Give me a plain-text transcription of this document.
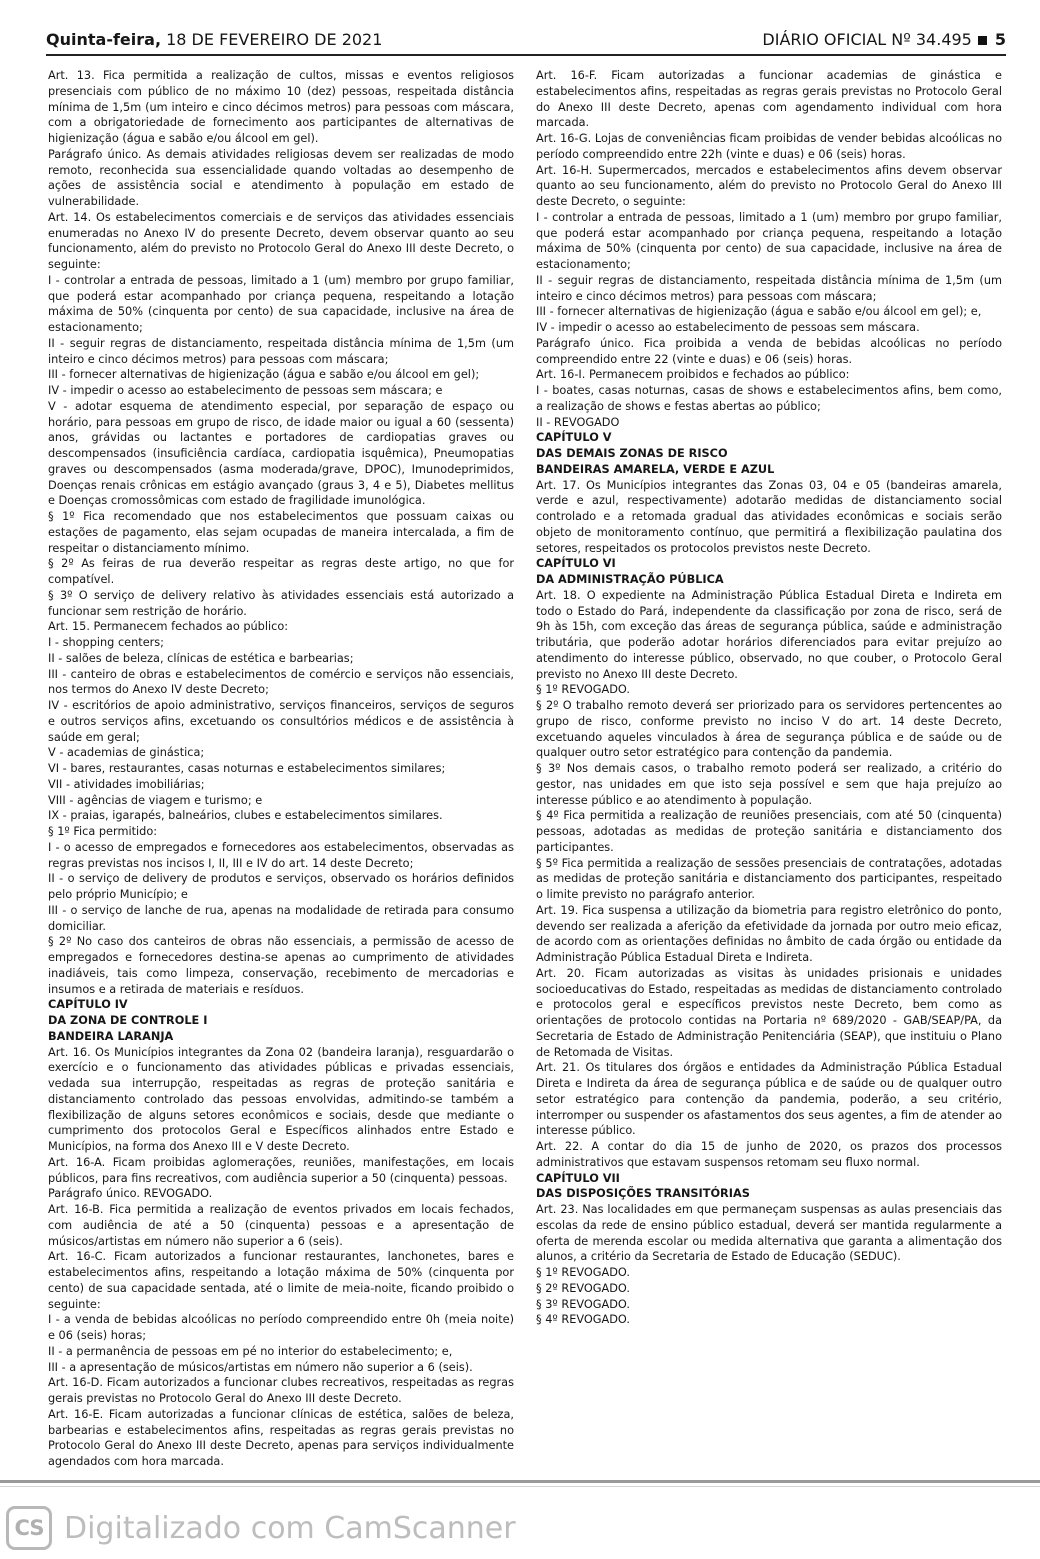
Quinta-feira, 18 DE FEVEREIRO DE 2021	DIÁRIO OFICIAL Nº 34.495 5

Art. 13. Fica permitida a realização de cultos, missas e eventos religiosos presenciais com público de no máximo 10 (dez) pessoas, respeitada distância mínima de 1,5m (um inteiro e cinco décimos metros) para pessoas com máscara, com a obrigatoriedade de fornecimento aos participantes de alternativas de higienização (água e sabão e/ou álcool em gel).

Parágrafo único. As demais atividades religiosas devem ser realizadas de modo remoto, reconhecida sua essencialidade quando voltadas ao desempenho de ações de assistência social e atendimento à população em estado de vulnerabilidade.

Art. 14. Os estabelecimentos comerciais e de serviços das atividades essenciais enumeradas no Anexo IV do presente Decreto, devem observar quanto ao seu funcionamento, além do previsto no Protocolo Geral do Anexo III deste Decreto, o seguinte:

I - controlar a entrada de pessoas, limitado a 1 (um) membro por grupo familiar, que poderá estar acompanhado por criança pequena, respeitando a lotação máxima de 50% (cinquenta por cento) de sua capacidade, inclusive na área de estacionamento;

II - seguir regras de distanciamento, respeitada distância mínima de 1,5m (um inteiro e cinco décimos metros) para pessoas com máscara;

III - fornecer alternativas de higienização (água e sabão e/ou álcool em gel);

IV - impedir o acesso ao estabelecimento de pessoas sem máscara; e

V - adotar esquema de atendimento especial, por separação de espaço ou horário, para pessoas em grupo de risco, de idade maior ou igual a 60 (sessenta) anos, grávidas ou lactantes e portadores de cardiopatias graves ou descompensados (insuficiência cardíaca, cardiopatia isquêmica), Pneumopatias graves ou descompensados (asma moderada/grave, DPOC), Imunodeprimidos, Doenças renais crônicas em estágio avançado (graus 3, 4 e 5), Diabetes mellitus e Doenças cromossômicas com estado de fragilidade imunológica.

§ 1º Fica recomendado que nos estabelecimentos que possuam caixas ou estações de pagamento, elas sejam ocupadas de maneira intercalada, a fim de respeitar o distanciamento mínimo.

§ 2º As feiras de rua deverão respeitar as regras deste artigo, no que for compatível.

§ 3º O serviço de delivery relativo às atividades essenciais está autorizado a funcionar sem restrição de horário.

Art. 15. Permanecem fechados ao público:

I - shopping centers;

II - salões de beleza, clínicas de estética e barbearias;

III - canteiro de obras e estabelecimentos de comércio e serviços não essenciais, nos termos do Anexo IV deste Decreto;

IV - escritórios de apoio administrativo, serviços financeiros, serviços de seguros e outros serviços afins, excetuando os consultórios médicos e de assistência à saúde em geral;

V - academias de ginástica;

VI - bares, restaurantes, casas noturnas e estabelecimentos similares;

VII - atividades imobiliárias;

VIII - agências de viagem e turismo; e

IX - praias, igarapés, balneários, clubes e estabelecimentos similares.

§ 1º Fica permitido:

I - o acesso de empregados e fornecedores aos estabelecimentos, observadas as regras previstas nos incisos I, II, III e IV do art. 14 deste Decreto;

II - o serviço de delivery de produtos e serviços, observado os horários definidos pelo próprio Município; e

III - o serviço de lanche de rua, apenas na modalidade de retirada para consumo domiciliar.

§ 2º No caso dos canteiros de obras não essenciais, a permissão de acesso de empregados e fornecedores destina-se apenas ao cumprimento de atividades inadiáveis, tais como limpeza, conservação, recebimento de mercadorias e insumos e a retirada de materiais e resíduos.

CAPÍTULO IV

DA ZONA DE CONTROLE I

BANDEIRA LARANJA

Art. 16. Os Municípios integrantes da Zona 02 (bandeira laranja), resguardarão o exercício e o funcionamento das atividades públicas e privadas essenciais, vedada sua interrupção, respeitadas as regras de proteção sanitária e distanciamento controlado das pessoas envolvidas, admitindo-se também a flexibilização de alguns setores econômicos e sociais, desde que mediante o cumprimento dos protocolos Geral e Específicos alinhados entre Estado e Municípios, na forma dos Anexo III e V deste Decreto.

Art. 16-A. Ficam proibidas aglomerações, reuniões, manifestações, em locais públicos, para fins recreativos, com audiência superior a 50 (cinquenta) pessoas.

Parágrafo único. REVOGADO.

Art. 16-B. Fica permitida a realização de eventos privados em locais fechados, com audiência de até a 50 (cinquenta) pessoas e a apresentação de músicos/artistas em número não superior a 6 (seis).

Art. 16-C. Ficam autorizados a funcionar restaurantes, lanchonetes, bares e estabelecimentos afins, respeitando a lotação máxima de 50% (cinquenta por cento) de sua capacidade sentada, até o limite de meia-noite, ficando proibido o seguinte:

I - a venda de bebidas alcoólicas no período compreendido entre 0h (meia noite) e 06 (seis) horas;

II - a permanência de pessoas em pé no interior do estabelecimento; e,

III - a apresentação de músicos/artistas em número não superior a 6 (seis).

Art. 16-D. Ficam autorizados a funcionar clubes recreativos, respeitadas as regras gerais previstas no Protocolo Geral do Anexo III deste Decreto.

Art. 16-E. Ficam autorizadas a funcionar clínicas de estética, salões de beleza, barbearias e estabelecimentos afins, respeitadas as regras gerais previstas no Protocolo Geral do Anexo III deste Decreto, apenas para serviços individualmente agendados com hora marcada.

Art. 16-F. Ficam autorizadas a funcionar academias de ginástica e estabelecimentos afins, respeitadas as regras gerais previstas no Protocolo Geral do Anexo III deste Decreto, apenas com agendamento individual com hora marcada.

Art. 16-G. Lojas de conveniências ficam proibidas de vender bebidas alcoólicas no período compreendido entre 22h (vinte e duas) e 06 (seis) horas.

Art. 16-H. Supermercados, mercados e estabelecimentos afins devem observar quanto ao seu funcionamento, além do previsto no Protocolo Geral do Anexo III deste Decreto, o seguinte:

I - controlar a entrada de pessoas, limitado a 1 (um) membro por grupo familiar, que poderá estar acompanhado por criança pequena, respeitando a lotação máxima de 50% (cinquenta por cento) de sua capacidade, inclusive na área de estacionamento;

II - seguir regras de distanciamento, respeitada distância mínima de 1,5m (um inteiro e cinco décimos metros) para pessoas com máscara;

III - fornecer alternativas de higienização (água e sabão e/ou álcool em gel); e,

IV - impedir o acesso ao estabelecimento de pessoas sem máscara.

Parágrafo único. Fica proibida a venda de bebidas alcoólicas no período compreendido entre 22 (vinte e duas) e 06 (seis) horas.

Art. 16-I. Permanecem proibidos e fechados ao público:

I - boates, casas noturnas, casas de shows e estabelecimentos afins, bem como, a realização de shows e festas abertas ao público;

II - REVOGADO

CAPÍTULO V

DAS DEMAIS ZONAS DE RISCO

BANDEIRAS AMARELA, VERDE E AZUL

Art. 17. Os Municípios integrantes das Zonas 03, 04 e 05 (bandeiras amarela, verde e azul, respectivamente) adotarão medidas de distanciamento social controlado e a retomada gradual das atividades econômicas e sociais serão objeto de monitoramento contínuo, que permitirá a flexibilização paulatina dos setores, respeitados os protocolos previstos neste Decreto.

CAPÍTULO VI

DA ADMINISTRAÇÃO PÚBLICA

Art. 18. O expediente na Administração Pública Estadual Direta e Indireta em todo o Estado do Pará, independente da classificação por zona de risco, será de 9h às 15h, com exceção das áreas de segurança pública, saúde e administração tributária, que poderão adotar horários diferenciados para evitar prejuízo ao atendimento do interesse público, observado, no que couber, o Protocolo Geral previsto no Anexo III deste Decreto.

§ 1º REVOGADO.

§ 2º O trabalho remoto deverá ser priorizado para os servidores pertencentes ao grupo de risco, conforme previsto no inciso V do art. 14 deste Decreto, excetuando aqueles vinculados à área de segurança pública e de saúde ou de qualquer outro setor estratégico para contenção da pandemia.

§ 3º Nos demais casos, o trabalho remoto poderá ser realizado, a critério do gestor, nas unidades em que isto seja possível e sem que haja prejuízo ao interesse público e ao atendimento à população.

§ 4º Fica permitida a realização de reuniões presenciais, com até 50 (cinquenta) pessoas, adotadas as medidas de proteção sanitária e distanciamento dos participantes.

§ 5º Fica permitida a realização de sessões presenciais de contratações, adotadas as medidas de proteção sanitária e distanciamento dos participantes, respeitado o limite previsto no parágrafo anterior.

Art. 19. Fica suspensa a utilização da biometria para registro eletrônico do ponto, devendo ser realizada a aferição da efetividade da jornada por outro meio eficaz, de acordo com as orientações definidas no âmbito de cada órgão ou entidade da Administração Pública Estadual Direta e Indireta.

Art. 20. Ficam autorizadas as visitas às unidades prisionais e unidades socioeducativas do Estado, respeitadas as medidas de distanciamento controlado e protocolos geral e específicos previstos neste Decreto, bem como as orientações de protocolo contidas na Portaria nº 689/2020 - GAB/SEAP/PA, da Secretaria de Estado de Administração Penitenciária (SEAP), que instituiu o Plano de Retomada de Visitas.

Art. 21. Os titulares dos órgãos e entidades da Administração Pública Estadual Direta e Indireta da área de segurança pública e de saúde ou de qualquer outro setor estratégico para contenção da pandemia, poderão, a seu critério, interromper ou suspender os afastamentos dos seus agentes, a fim de atender ao interesse público.

Art. 22. A contar do dia 15 de junho de 2020, os prazos dos processos administrativos que estavam suspensos retomam seu fluxo normal.

CAPÍTULO VII

DAS DISPOSIÇÕES TRANSITÓRIAS

Art. 23. Nas localidades em que permaneçam suspensas as aulas presenciais das escolas da rede de ensino público estadual, deverá ser mantida regularmente a oferta de merenda escolar ou medida alternativa que garanta a alimentação dos alunos, a critério da Secretaria de Estado de Educação (SEDUC).

§ 1º REVOGADO.

§ 2º REVOGADO.

§ 3º REVOGADO.

§ 4º REVOGADO.

CS Digitalizado com CamScanner
